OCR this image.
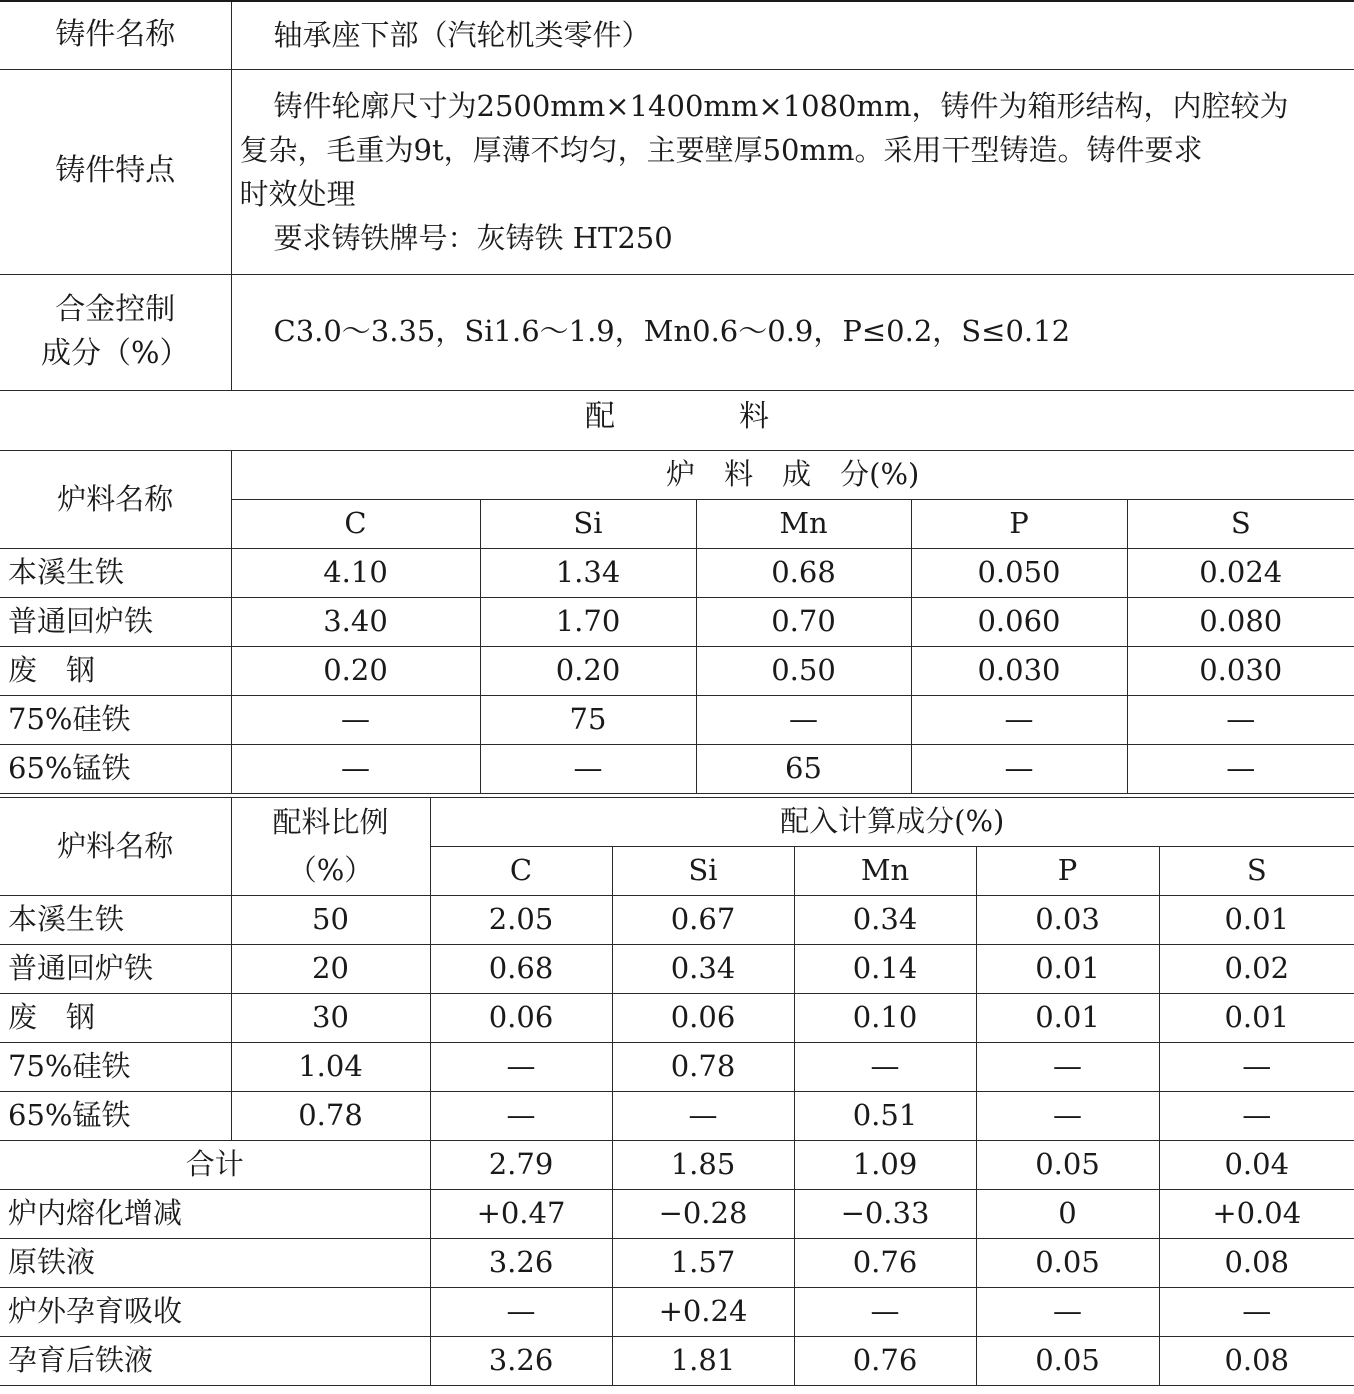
铸件名称	轴承座下部（汽轮机类零件）
铸件特点	铸件轮廓尺寸为2500mm×1400mm×1080mm，铸件为箱形结构，内腔较为
复杂，毛重为9t，厚薄不均匀，主要壁厚50mm。采用干型铸造。铸件要求
时效处理
要求铸铁牌号：灰铸铁 HT250

合金控制
成分（%）	C3.0～3.35，Si1.6～1.9，Mn0.6～0.9，P≤0.2，S≤0.12
配	料
炉料名称	炉　料　成　分(%)				
	C	Si	Mn	P	S
本溪生铁	4.10	1.34	0.68	0.050	0.024
普通回炉铁	3.40	1.70	0.70	0.060	0.080
废　钢	0.20	0.20	0.50	0.030	0.030
75%硅铁	—	75	—	—	—
65%锰铁	—	—	65	—	—
炉料名称	配料比例	配入计算成分(%)				
	（%）	C	Si	Mn	P	S
本溪生铁	50	2.05	0.67	0.34	0.03	0.01
普通回炉铁	20	0.68	0.34	0.14	0.01	0.02
废　钢	30	0.06	0.06	0.10	0.01	0.01
75%硅铁	1.04	—	0.78	—	—	—
65%锰铁	0.78	—	—	0.51	—	—
合计		2.79	1.85	1.09	0.05	0.04
炉内熔化增减		+0.47	−0.28	−0.33	0	+0.04
原铁液		3.26	1.57	0.76	0.05	0.08
炉外孕育吸收		—	+0.24	—	—	—
孕育后铁液		3.26	1.81	0.76	0.05	0.08
